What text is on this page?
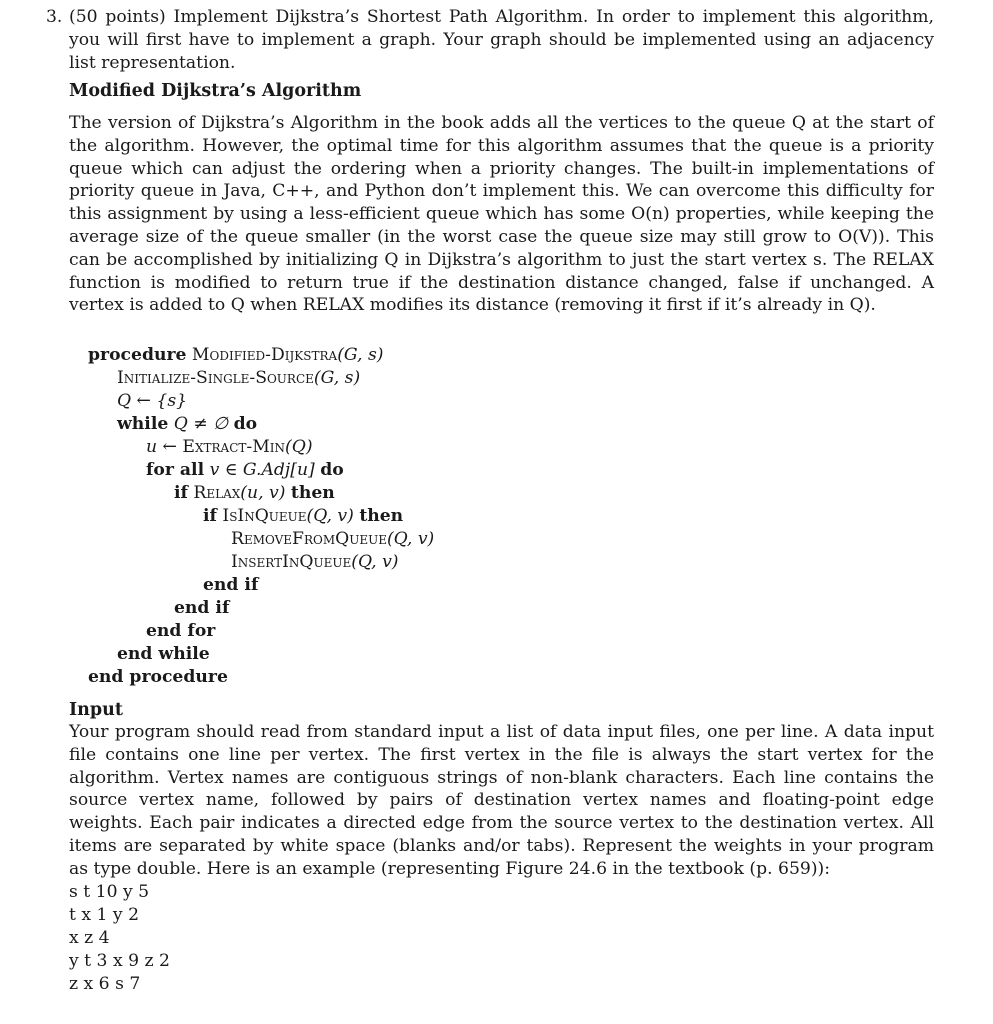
3. (50 points) Implement Dijkstra’s Shortest Path Algorithm. In order to implement this algorithm, you will first have to implement a graph. Your graph should be implemented using an adjacency list representation.
Modified Dijkstra’s Algorithm
The version of Dijkstra’s Algorithm in the book adds all the vertices to the queue Q at the start of the algorithm. However, the optimal time for this algorithm assumes that the queue is a priority queue which can adjust the ordering when a priority changes. The built-in implementations of priority queue in Java, C++, and Python don’t implement this. We can overcome this difficulty for this assignment by using a less-efficient queue which has some O(n) properties, while keeping the average size of the queue smaller (in the worst case the queue size may still grow to O(V)). This can be accomplished by initializing Q in Dijkstra’s algorithm to just the start vertex s. The RELAX function is modified to return true if the destination distance changed, false if unchanged. A vertex is added to Q when RELAX modifies its distance (removing it first if it’s already in Q).
procedure Modified-Dijkstra(G, s)
Initialize-Single-Source(G, s)
Q ← {s}
while Q ≠ ∅ do
u ← Extract-Min(Q)
for all v ∈ G.Adj[u] do
if Relax(u, v) then
if IsInQueue(Q, v) then
RemoveFromQueue(Q, v)
InsertInQueue(Q, v)
end if
end if
end for
end while
end procedure
Input
Your program should read from standard input a list of data input files, one per line. A data input file contains one line per vertex. The first vertex in the file is always the start vertex for the algorithm. Vertex names are contiguous strings of non-blank characters. Each line contains the source vertex name, followed by pairs of destination vertex names and floating-point edge weights. Each pair indicates a directed edge from the source vertex to the destination vertex. All items are separated by white space (blanks and/or tabs). Represent the weights in your program as type double. Here is an example (representing Figure 24.6 in the textbook (p. 659)):
s t 10 y 5
t x 1 y 2
x z 4
y t 3 x 9 z 2
z x 6 s 7
